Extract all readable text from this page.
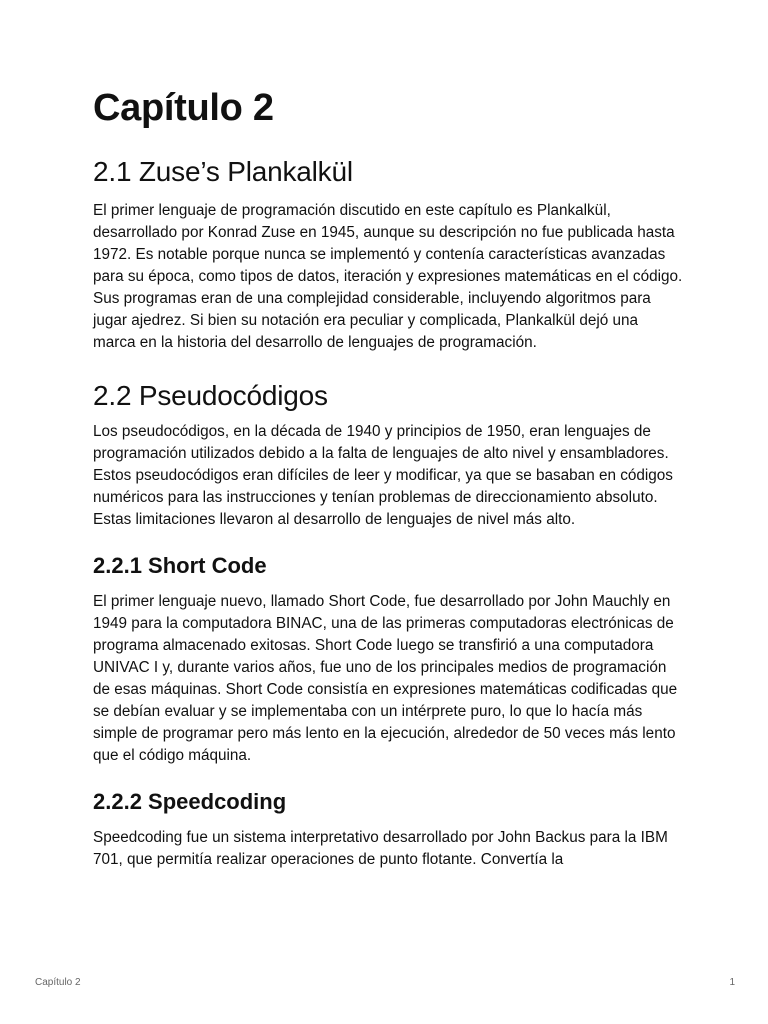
Capítulo 2
2.1 Zuse’s Plankalkül

El primer lenguaje de programación discutido en este capítulo es Plankalkül, desarrollado por Konrad Zuse en 1945, aunque su descripción no fue publicada hasta 1972. Es notable porque nunca se implementó y contenía características avanzadas para su época, como tipos de datos, iteración y expresiones matemáticas en el código. Sus programas eran de una complejidad considerable, incluyendo algoritmos para jugar ajedrez. Si bien su notación era peculiar y complicada, Plankalkül dejó una marca en la historia del desarrollo de lenguajes de programación.

2.2 Pseudocódigos

Los pseudocódigos, en la década de 1940 y principios de 1950, eran lenguajes de programación utilizados debido a la falta de lenguajes de alto nivel y ensambladores. Estos pseudocódigos eran difíciles de leer y modificar, ya que se basaban en códigos numéricos para las instrucciones y tenían problemas de direccionamiento absoluto. Estas limitaciones llevaron al desarrollo de lenguajes de nivel más alto.

2.2.1 Short Code

El primer lenguaje nuevo, llamado Short Code, fue desarrollado por John Mauchly en 1949 para la computadora BINAC, una de las primeras computadoras electrónicas de programa almacenado exitosas. Short Code luego se transfirió a una computadora UNIVAC I y, durante varios años, fue uno de los principales medios de programación de esas máquinas. Short Code consistía en expresiones matemáticas codificadas que se debían evaluar y se implementaba con un intérprete puro, lo que lo hacía más simple de programar pero más lento en la ejecución, alrededor de 50 veces más lento que el código máquina.

2.2.2 Speedcoding

Speedcoding fue un sistema interpretativo desarrollado por John Backus para la IBM 701, que permitía realizar operaciones de punto flotante. Convertía la

Capítulo 2	1
